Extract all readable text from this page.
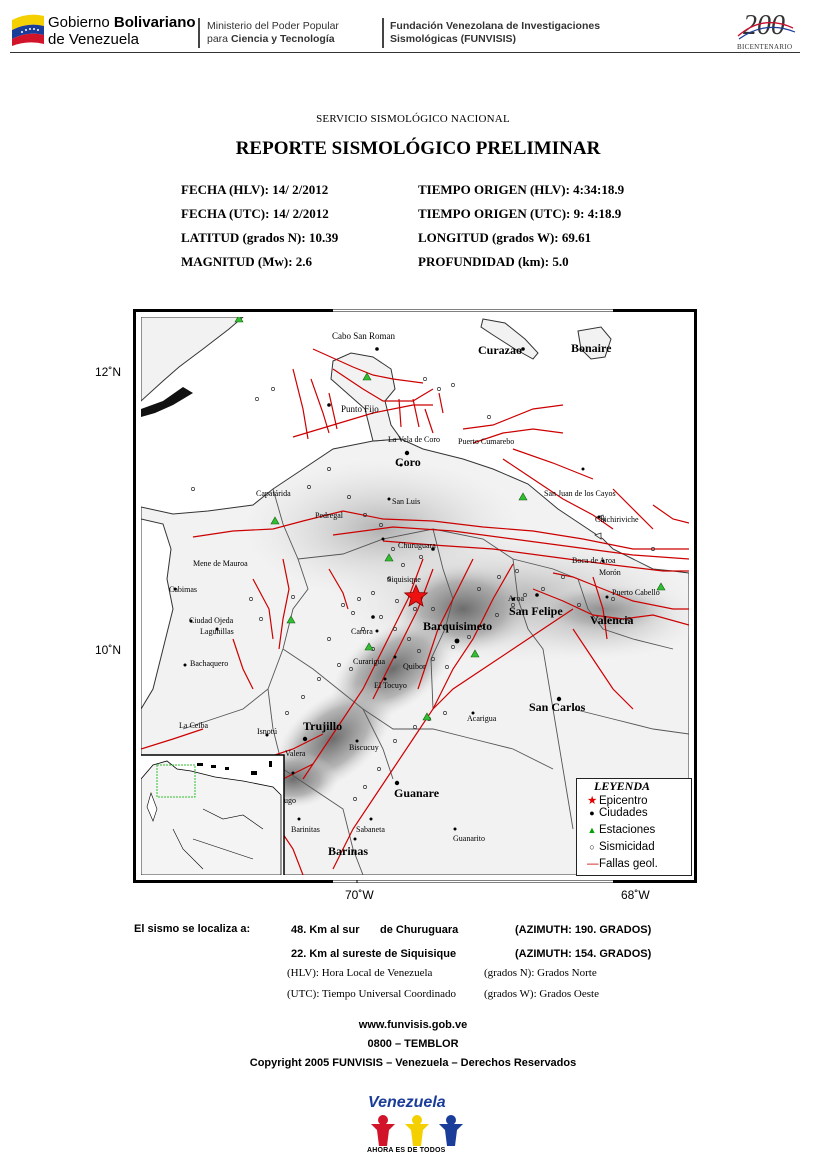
Gobierno Bolivariano
de Venezuela
Ministerio del Poder Popular
para Ciencia y Tecnología
Fundación Venezolana de Investigaciones
Sismológicas (FUNVISIS)	200
BICENTENARIO
SERVICIO SISMOLÓGICO NACIONAL
REPORTE SISMOLÓGICO PRELIMINAR
FECHA (HLV): 14/ 2/2012	TIEMPO ORIGEN (HLV): 4:34:18.9
FECHA (UTC): 14/ 2/2012	TIEMPO ORIGEN (UTC): 9: 4:18.9
LATITUD (grados N): 10.39	LONGITUD (grados W): 69.61
MAGNITUD (Mw): 2.6	PROFUNDIDAD (km): 5.0
12˚N
10˚N
70˚W	68˚W
Cabo San Roman
Curazao	Bonaire
Punto Fijo
La Vela de Coro Puerto Cumarebo
Coro
Capatárida
San Luis
San Juan de los Cayos
Pedregal	Chichiriviche
Churuguara
Mene de Mauroa	Boca de Aroa
Morón
Siquisique
Cabimas
Aroa
Puerto Cabello
San Felipe
Ciudad Ojeda
Lagunillas	Barquisimeto	Valencia
Carora
Curarigua
Quibor
Bachaquero
El Tocuyo
San Carlos
La Ceiba
Isnotú Trujillo
Acarigua
Valera
Biscucuy
Guanare
ugo
Barinitas	Sabaneta
Guanarito
Barinas
LEYENDA
★ Epicentro
● Ciudades
▲ Estaciones
○ Sismicidad
—Fallas geol.
El sismo se localiza a:	48. Km al sur de Churuguara	(AZIMUTH: 190. GRADOS)
22. Km al sureste de Siquisique	(AZIMUTH: 154. GRADOS)
(HLV): Hora Local de Venezuela	(grados N): Grados Norte
(UTC): Tiempo Universal Coordinado	(grados W): Grados Oeste
www.funvisis.gob.ve
0800 – TEMBLOR
Copyright 2005 FUNVISIS – Venezuela – Derechos Reservados
Venezuela
AHORA ES DE TODOS
